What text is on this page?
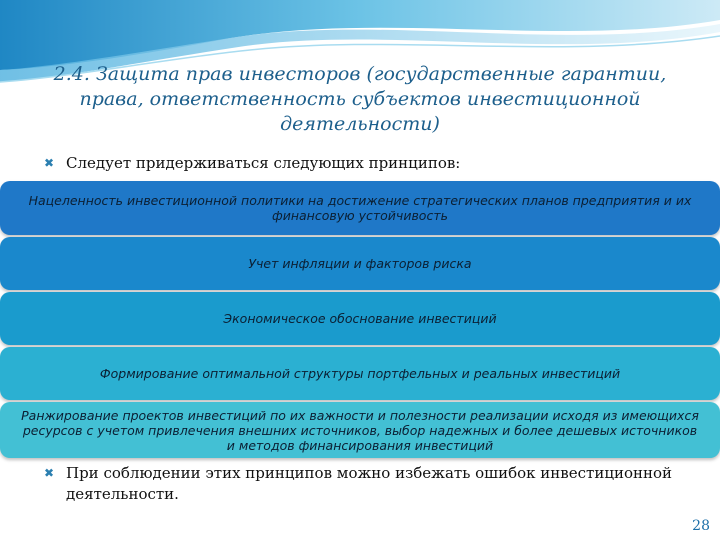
2.4. Защита прав инвесторов (государственные гарантии, права, ответственность субъектов инвестиционной деятельности)
✖ Следует придерживаться следующих принципов:
Нацеленность инвестиционной политики на достижение стратегических планов предприятия и их финансовую устойчивость
Учет инфляции и факторов риска
Экономическое обоснование инвестиций
Формирование оптимальной структуры портфельных и реальных инвестиций
Ранжирование проектов инвестиций по их важности и полезности реализации исходя из имеющихся ресурсов с учетом привлечения внешних источников, выбор надежных и более дешевых источников и методов финансирования инвестиций
✖ При соблюдении этих принципов можно избежать ошибок инвестиционной деятельности.
28
